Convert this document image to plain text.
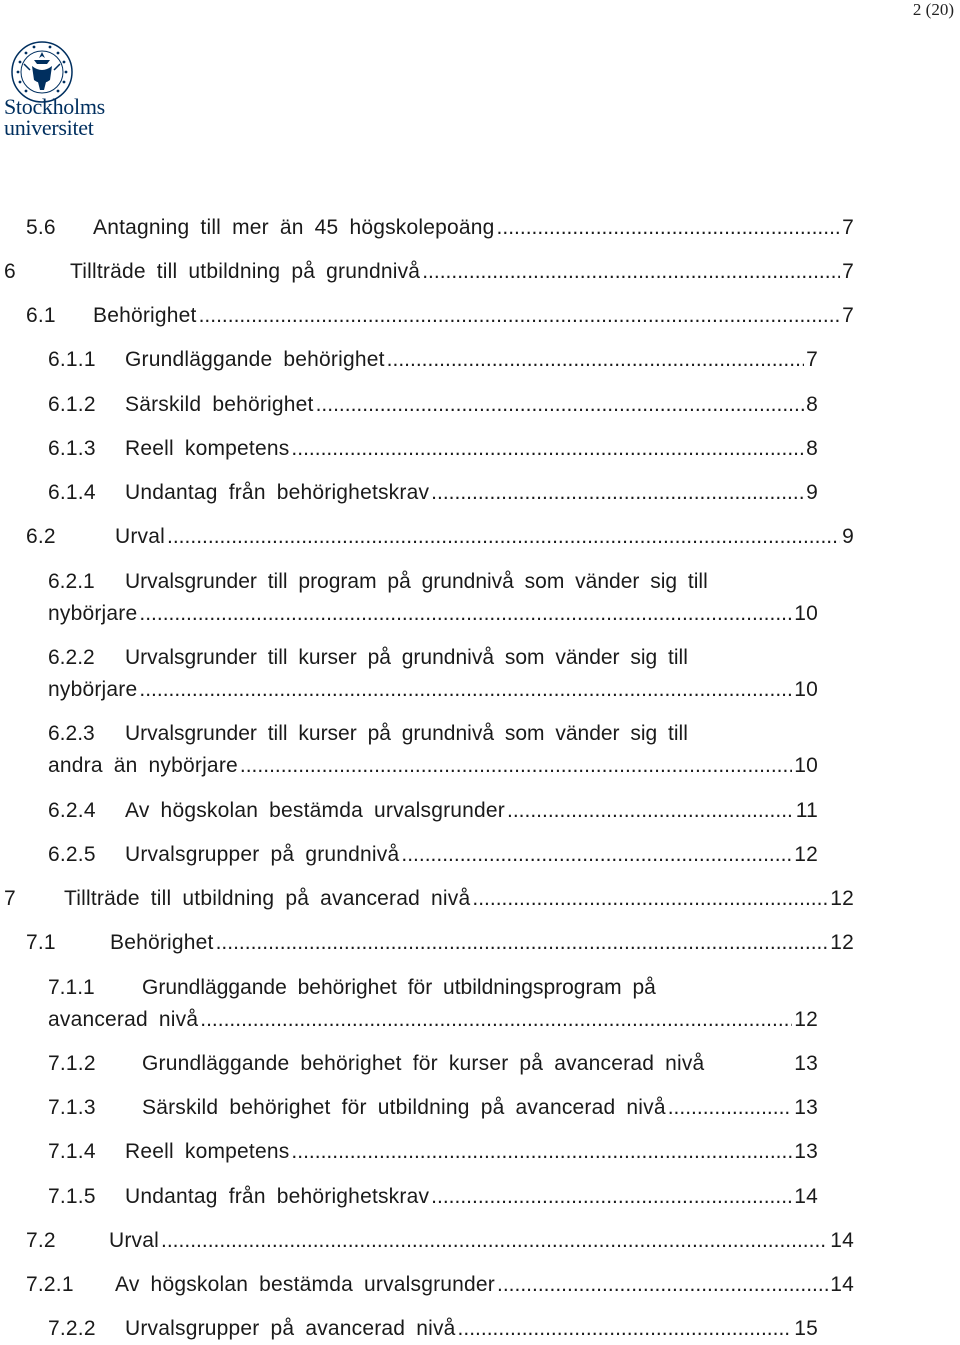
2 (20)
Stockholms
universitet
5.6	Antagning till mer än 45 högskolepoäng .....	7
6	Tillträde till utbildning på grundnivå .....	7
6.1	Behörighet .....	7
6.1.1	Grundläggande behörighet .....	7
6.1.2	Särskild behörighet .....	8
6.1.3	Reell kompetens .....	8
6.1.4	Undantag från behörighetskrav .....	9
6.2	Urval .....	9
6.2.1 Urvalsgrunder till program på grundnivå som vänder sig till
nybörjare .....	10
6.2.2 Urvalsgrunder till kurser på grundnivå som vänder sig till
nybörjare .....	10
6.2.3 Urvalsgrunder till kurser på grundnivå som vänder sig till
andra än nybörjare .....	10
6.2.4	Av högskolan bestämda urvalsgrunder .....	11
6.2.5	Urvalsgrupper på grundnivå .....	12
7	Tillträde till utbildning på avancerad nivå .....	12
7.1	Behörighet .....	12
7.1.1 Grundläggande behörighet för utbildningsprogram på
avancerad nivå .....	12
7.1.2	Grundläggande behörighet för kurser på avancerad nivå	13
7.1.3	Särskild behörighet för utbildning på avancerad nivå .....	13
7.1.4	Reell kompetens .....	13
7.1.5	Undantag från behörighetskrav .....	14
7.2	Urval .....	14
7.2.1	Av högskolan bestämda urvalsgrunder .....	14
7.2.2	Urvalsgrupper på avancerad nivå .....	15
